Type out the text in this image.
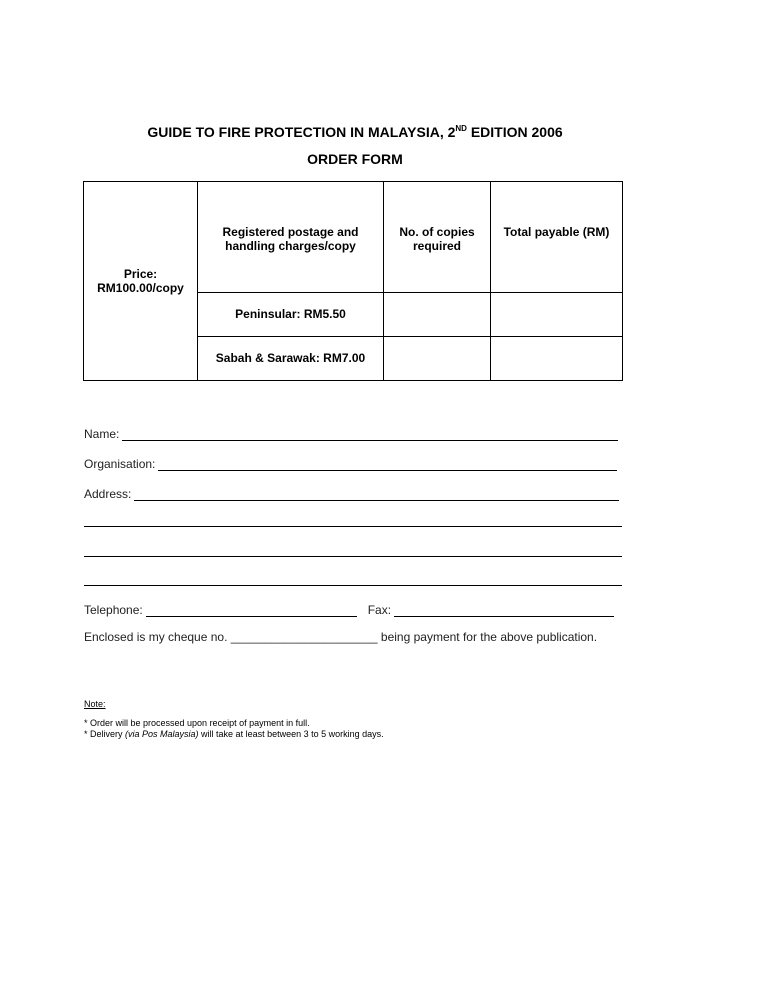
GUIDE TO FIRE PROTECTION IN MALAYSIA, 2ND EDITION 2006
ORDER FORM
Price:
RM100.00/copy	Registered postage and handling charges/copy	No. of copies required	Total payable (RM)
	Peninsular: RM5.50		
	Sabah & Sarawak: RM7.00		
Name:
Organisation:
Address:
Telephone:	Fax:
Enclosed is my cheque no. ______________________ being payment for the above publication.
Note:
* Order will be processed upon receipt of payment in full.
* Delivery (via Pos Malaysia) will take at least between 3 to 5 working days.
